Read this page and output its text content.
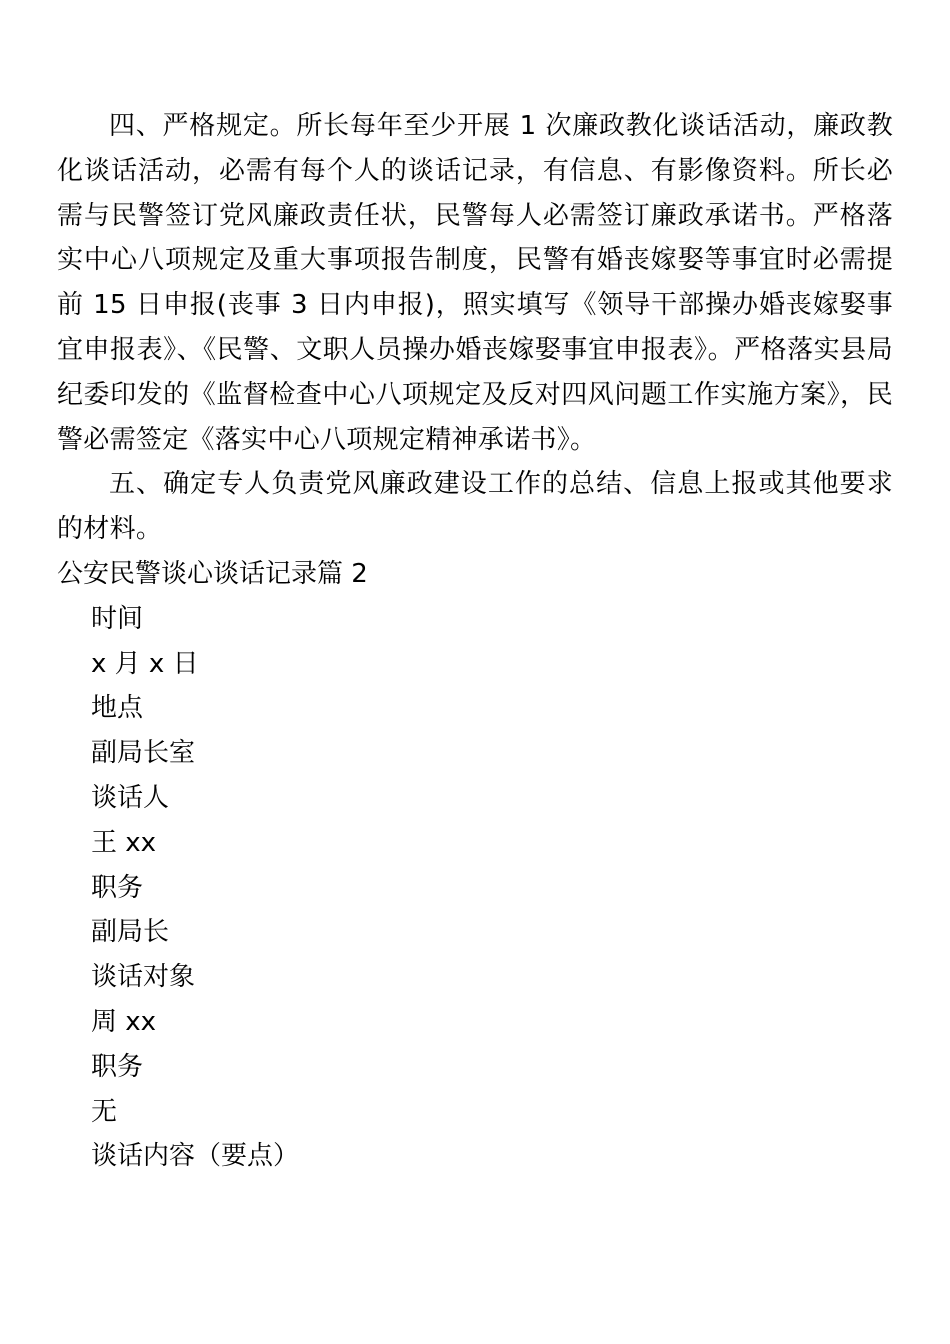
四、严格规定。所长每年至少开展 1 次廉政教化谈话活动，廉政教化谈话活动，必需有每个人的谈话记录，有信息、有影像资料。所长必需与民警签订党风廉政责任状，民警每人必需签订廉政承诺书。严格落实中心八项规定及重大事项报告制度，民警有婚丧嫁娶等事宜时必需提前 15 日申报(丧事 3 日内申报)，照实填写《领导干部操办婚丧嫁娶事宜申报表》、《民警、文职人员操办婚丧嫁娶事宜申报表》。严格落实县局纪委印发的《监督检查中心八项规定及反对四风问题工作实施方案》，民警必需签定《落实中心八项规定精神承诺书》。

五、确定专人负责党风廉政建设工作的总结、信息上报或其他要求的材料。

公安民警谈心谈话记录篇 2

时间

x 月 x 日

地点

副局长室

谈话人

王 xx

职务

副局长

谈话对象

周 xx

职务

无

谈话内容（要点）
